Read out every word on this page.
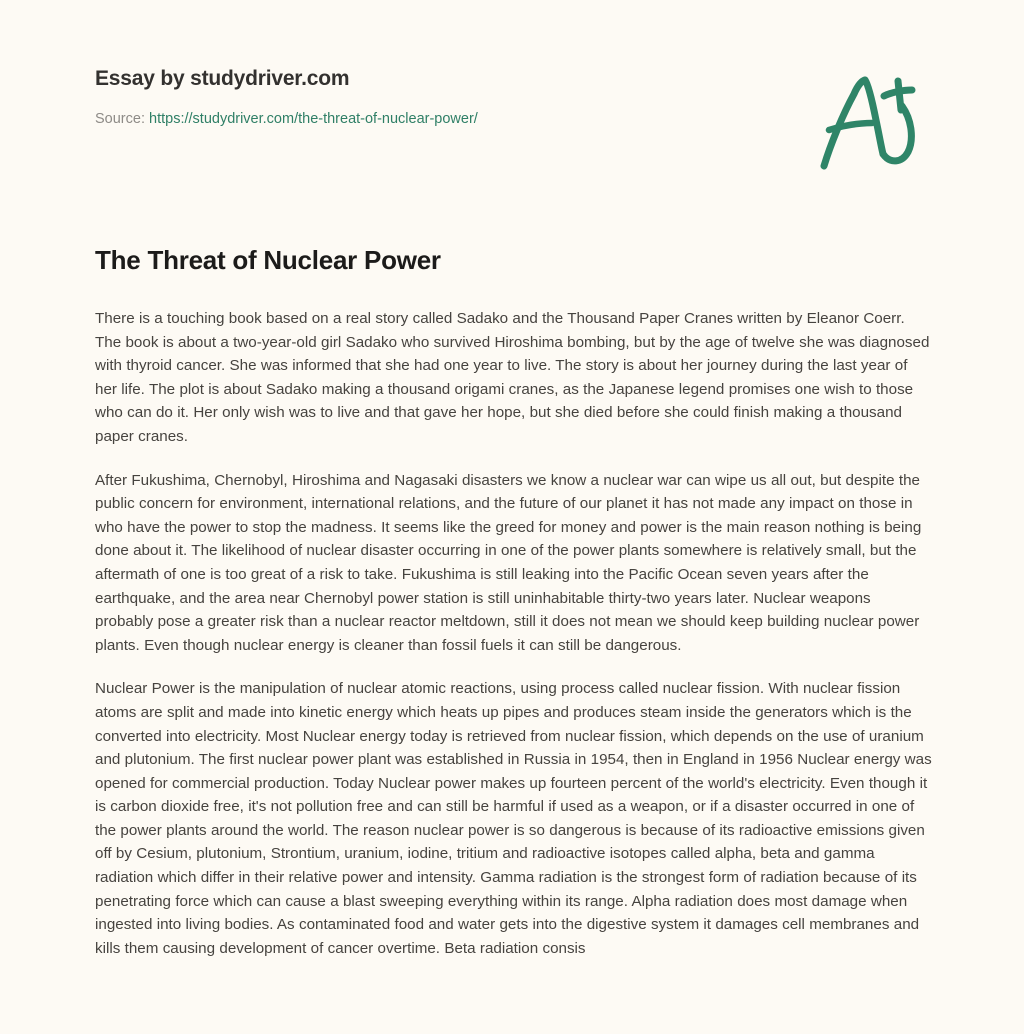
Essay by studydriver.com
Source: https://studydriver.com/the-threat-of-nuclear-power/
The Threat of Nuclear Power

There is a touching book based on a real story called Sadako and the Thousand Paper Cranes written by Eleanor Coerr. The book is about a two-year-old girl Sadako who survived Hiroshima bombing, but by the age of twelve she was diagnosed with thyroid cancer. She was informed that she had one year to live. The story is about her journey during the last year of her life. The plot is about Sadako making a thousand origami cranes, as the Japanese legend promises one wish to those who can do it. Her only wish was to live and that gave her hope, but she died before she could finish making a thousand paper cranes.

After Fukushima, Chernobyl, Hiroshima and Nagasaki disasters we know a nuclear war can wipe us all out, but despite the public concern for environment, international relations, and the future of our planet it has not made any impact on those in who have the power to stop the madness. It seems like the greed for money and power is the main reason nothing is being done about it. The likelihood of nuclear disaster occurring in one of the power plants somewhere is relatively small, but the aftermath of one is too great of a risk to take. Fukushima is still leaking into the Pacific Ocean seven years after the earthquake, and the area near Chernobyl power station is still uninhabitable thirty-two years later. Nuclear weapons probably pose a greater risk than a nuclear reactor meltdown, still it does not mean we should keep building nuclear power plants. Even though nuclear energy is cleaner than fossil fuels it can still be dangerous.

Nuclear Power is the manipulation of nuclear atomic reactions, using process called nuclear fission. With nuclear fission atoms are split and made into kinetic energy which heats up pipes and produces steam inside the generators which is the converted into electricity. Most Nuclear energy today is retrieved from nuclear fission, which depends on the use of uranium and plutonium. The first nuclear power plant was established in Russia in 1954, then in England in 1956 Nuclear energy was opened for commercial production. Today Nuclear power makes up fourteen percent of the world's electricity. Even though it is carbon dioxide free, it's not pollution free and can still be harmful if used as a weapon, or if a disaster occurred in one of the power plants around the world. The reason nuclear power is so dangerous is because of its radioactive emissions given off by Cesium, plutonium, Strontium, uranium, iodine, tritium and radioactive isotopes called alpha, beta and gamma radiation which differ in their relative power and intensity. Gamma radiation is the strongest form of radiation because of its penetrating force which can cause a blast sweeping everything within its range. Alpha radiation does most damage when ingested into living bodies. As contaminated food and water gets into the digestive system it damages cell membranes and kills them causing development of cancer overtime. Beta radiation consis
